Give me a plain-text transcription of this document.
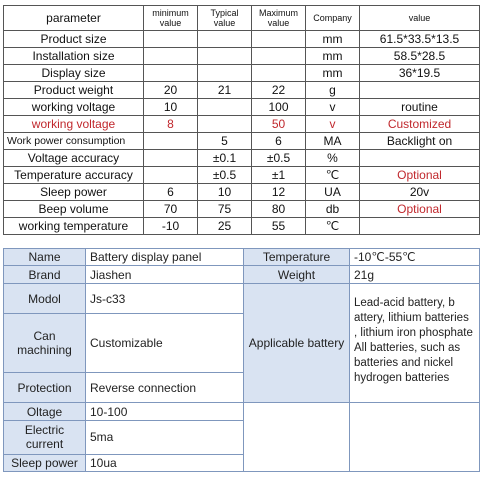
parameter	minimum value	Typical value	Maximum value	Company	value
Product size				mm	61.5*33.5*13.5
Installation size				mm	58.5*28.5
Display size				mm	36*19.5
Product weight	20	21	22	g	
working voltage	10		100	v	routine
working voltage	8		50	v	Customized
Work power consumption		5	6	MA	Backlight on
Voltage accuracy		±0.1	±0.5	%	
Temperature accuracy		±0.5	±1	℃	Optional
Sleep power	6	10	12	UA	20v
Beep volume	70	75	80	db	Optional
working temperature	-10	25	55	℃	
Name	Battery display panel	Temperature	-10℃-55℃
Brand	Jiashen	Weight	21g
Modol	Js-c33	Applicable battery	Lead-acid battery, b attery, lithium batteries , lithium iron phosphate All batteries, such as batteries and nickel hydrogen batteries
Can machining	Customizable		
Protection	Reverse connection		
Oltage	10-100		
Electric current	5ma		
Sleep power	10ua		
